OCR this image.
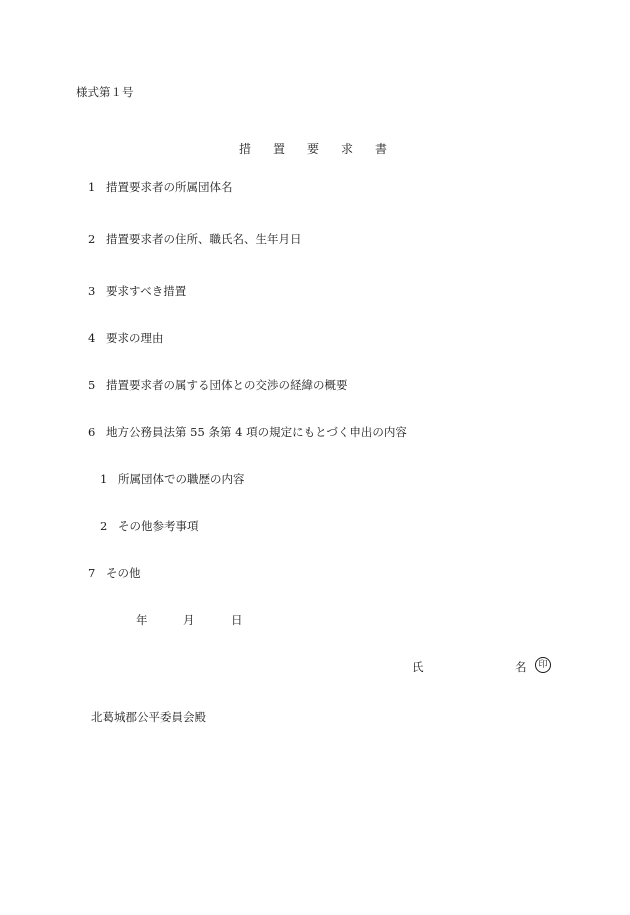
様式第１号
措 置 要 求 書
1 措置要求者の所属団体名
2 措置要求者の住所、職氏名、生年月日
3 要求すべき措置
4 要求の理由
5 措置要求者の属する団体との交渉の経緯の概要
6 地方公務員法第 55 条第 4 項の規定にもとづく申出の内容
1 所属団体での職歴の内容
2 その他参考事項
7 その他
年	月	日
氏	名	印
北葛城郡公平委員会殿
